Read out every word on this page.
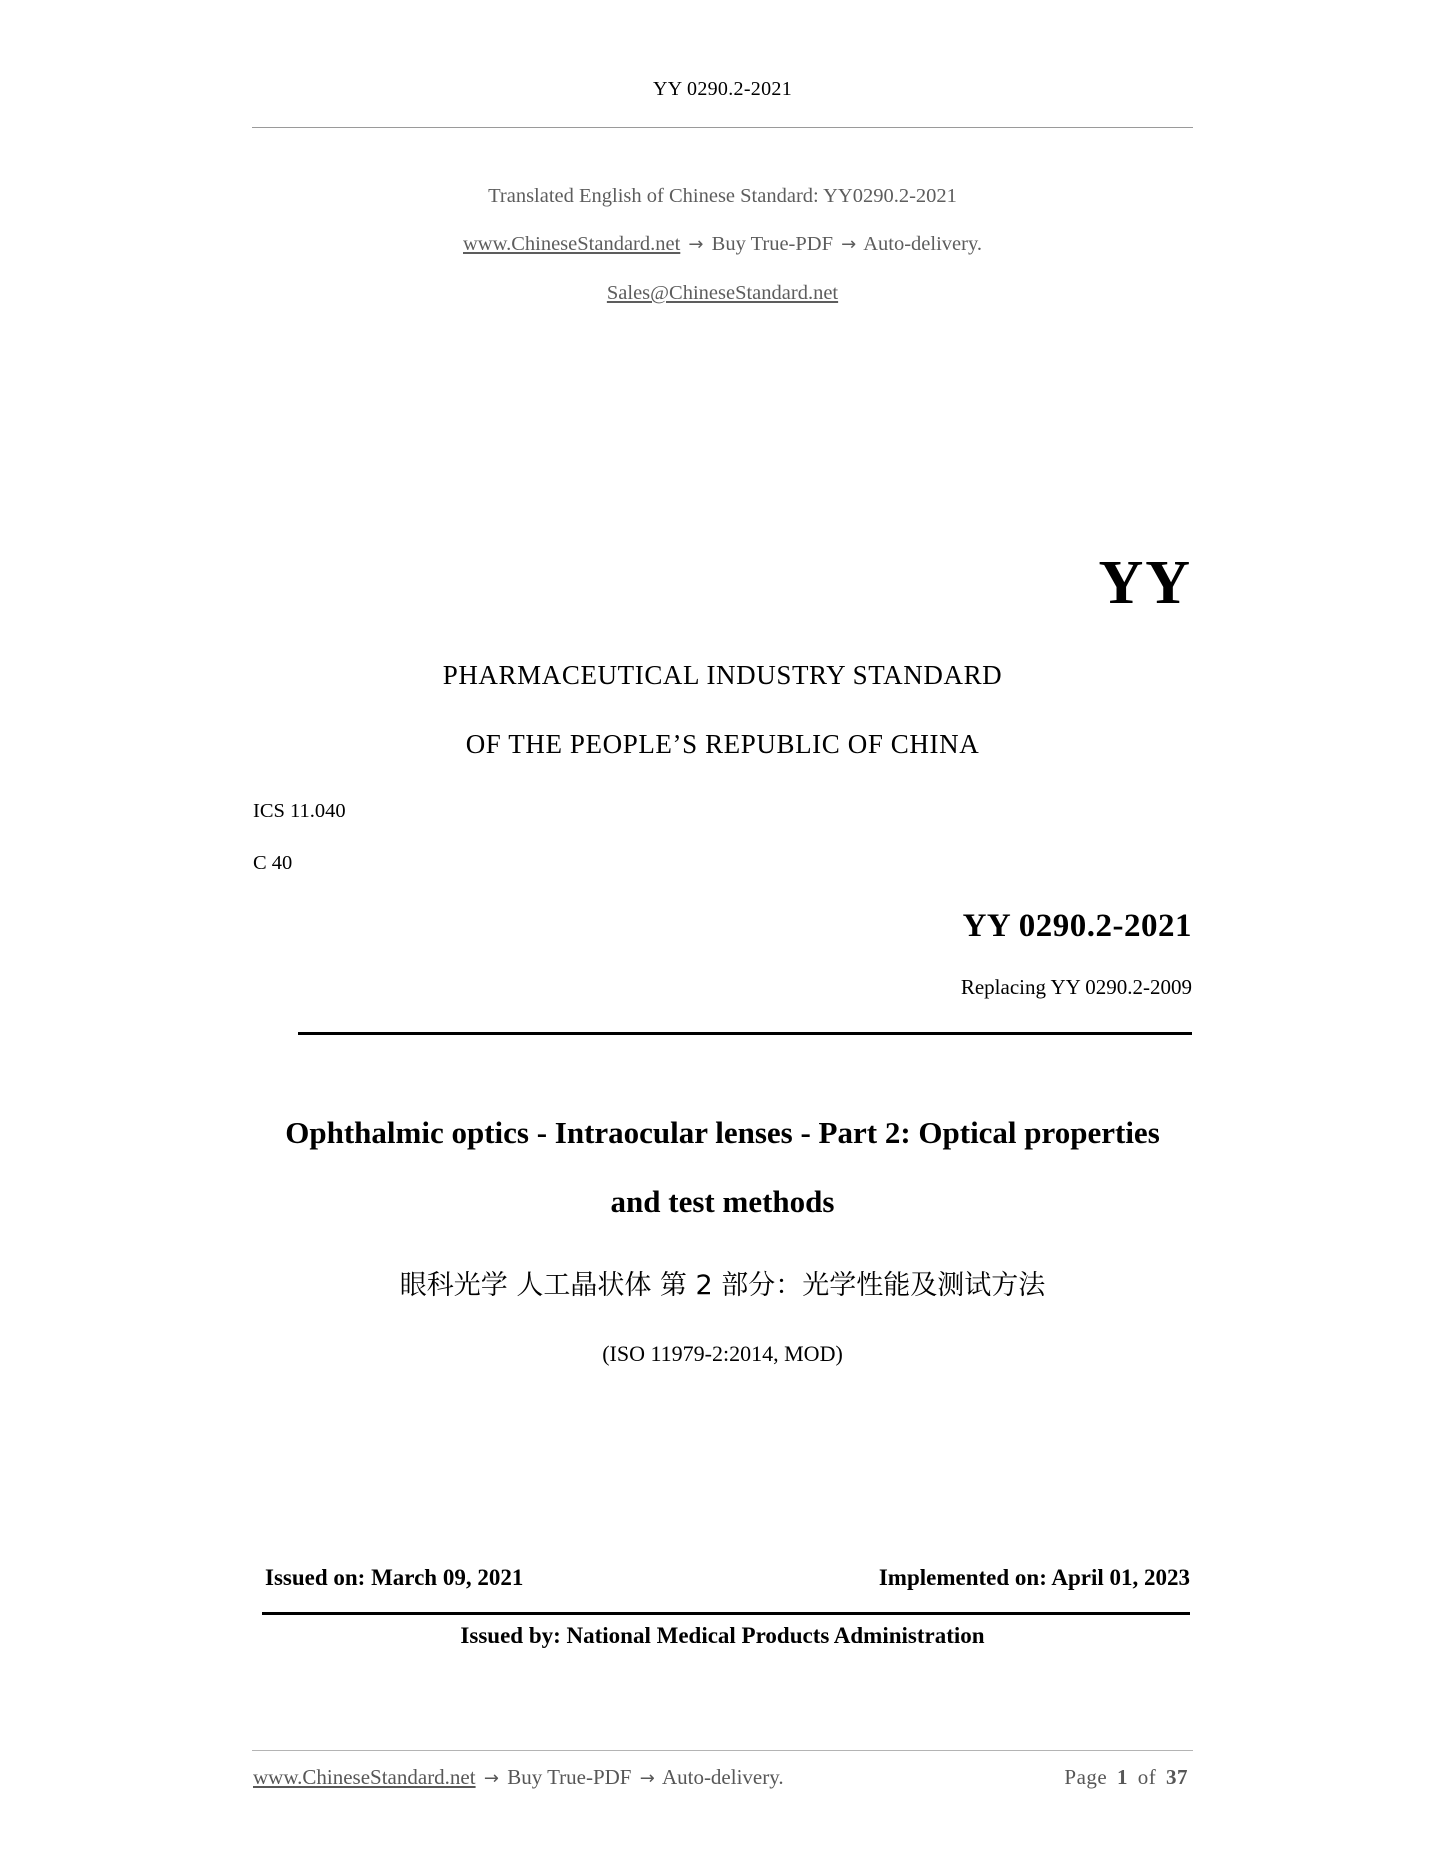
YY 0290.2-2021
Translated English of Chinese Standard: YY0290.2-2021
www.ChineseStandard.net → Buy True-PDF → Auto-delivery.
Sales@ChineseStandard.net
YY
PHARMACEUTICAL INDUSTRY STANDARD
OF THE PEOPLE’S REPUBLIC OF CHINA
ICS 11.040
C 40
YY 0290.2-2021
Replacing YY 0290.2-2009
Ophthalmic optics - Intraocular lenses - Part 2: Optical properties and test methods
眼科光学 人工晶状体 第 2 部分：光学性能及测试方法
(ISO 11979-2:2014, MOD)
Issued on: March 09, 2021	Implemented on: April 01, 2023
Issued by: National Medical Products Administration
www.ChineseStandard.net → Buy True-PDF → Auto-delivery.	Page 1 of 37
